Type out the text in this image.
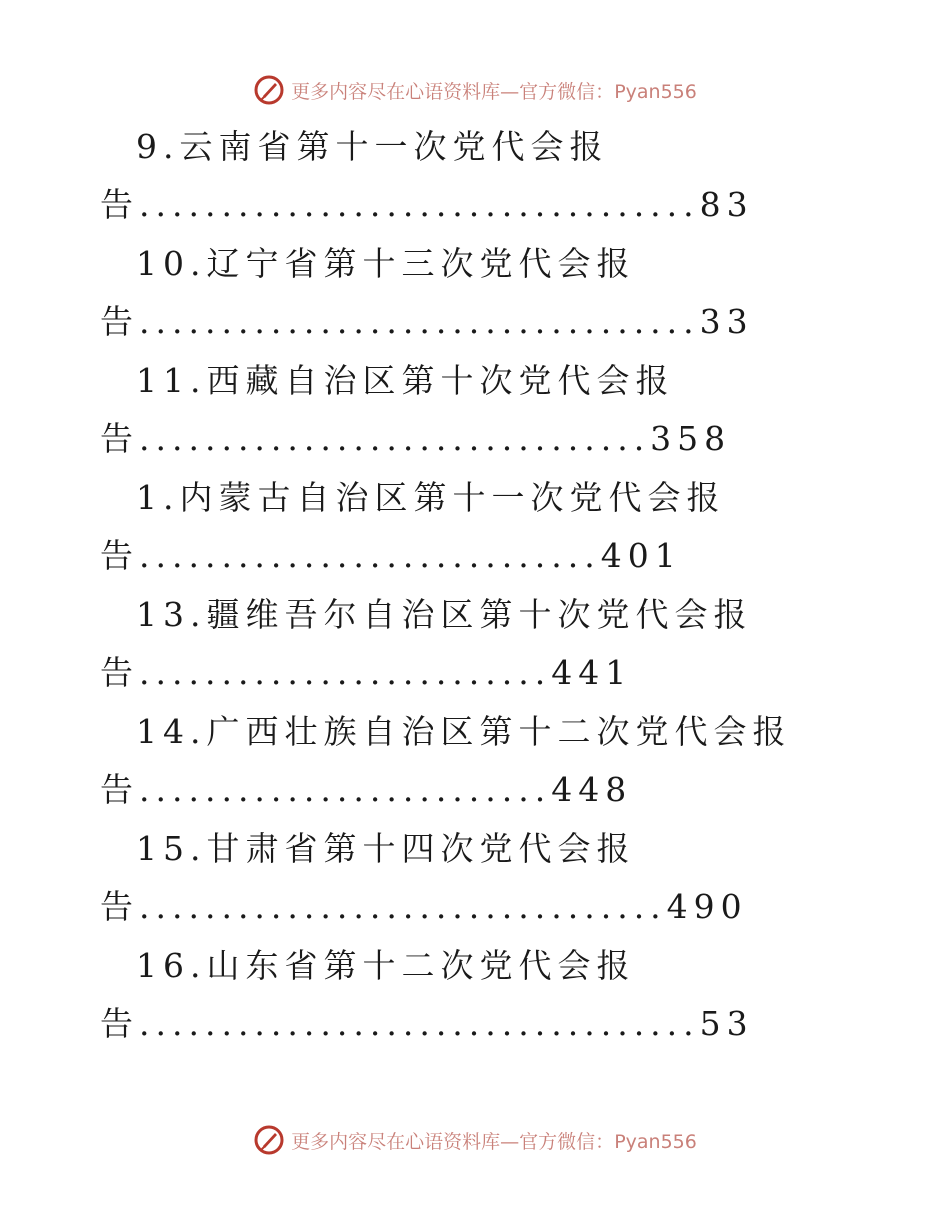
更多内容尽在心语资料库—官方微信：Pyan556
9.云南省第十一次党代会报
告..................................83
10.辽宁省第十三次党代会报
告..................................33
11.西藏自治区第十次党代会报
告...............................358
1.内蒙古自治区第十一次党代会报
告............................401
13.疆维吾尔自治区第十次党代会报
告.........................441
14.广西壮族自治区第十二次党代会报
告.........................448
15.甘肃省第十四次党代会报
告................................490
16.山东省第十二次党代会报
告..................................53
更多内容尽在心语资料库—官方微信：Pyan556
